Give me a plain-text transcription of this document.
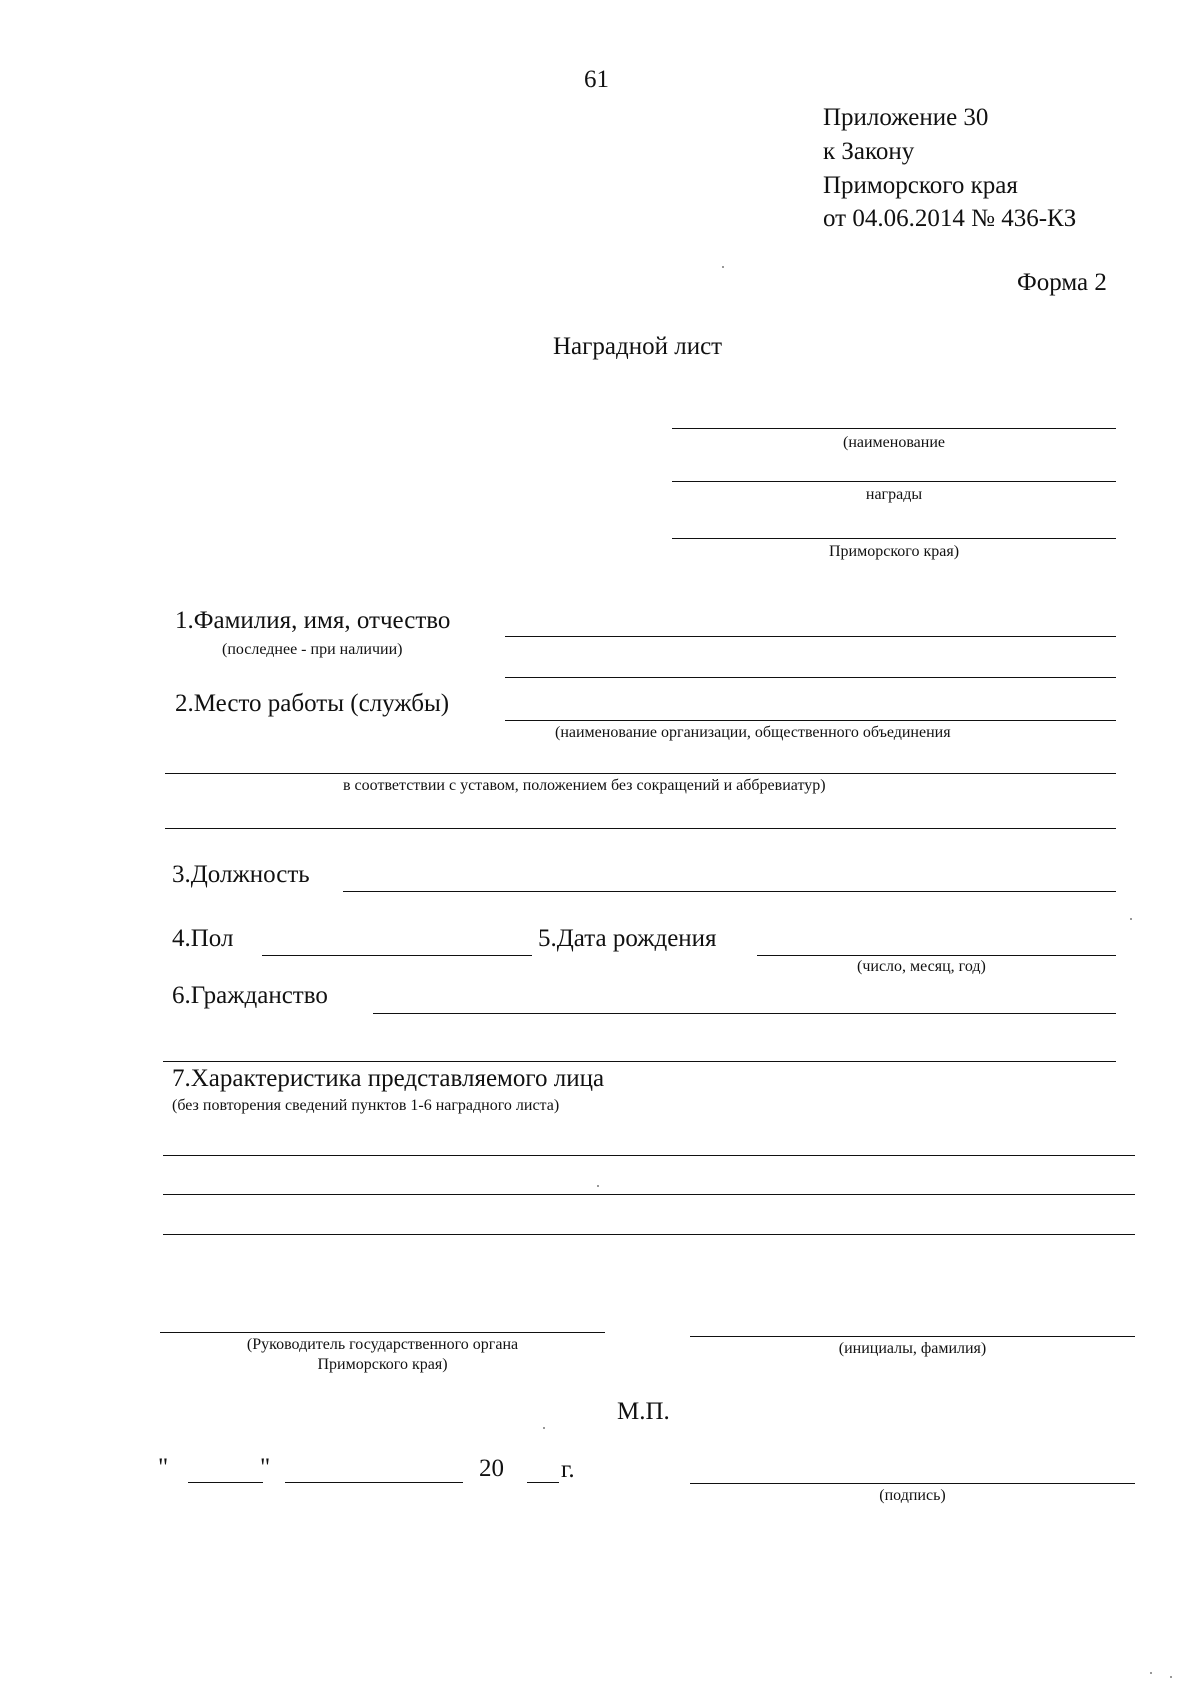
61
Приложение 30
к Закону
Приморского края
от 04.06.2014 № 436-КЗ
Форма 2
Наградной лист
(наименование
награды
Приморского края)
1.Фамилия, имя, отчество
(последнее - при наличии)
2.Место работы (службы)
(наименование организации, общественного объединения
в соответствии с уставом, положением без сокращений и аббревиатур)
3.Должность
4.Пол	5.Дата рождения
(число, месяц, год)
6.Гражданство
7.Характеристика представляемого лица
(без повторения сведений пунктов 1-6 наградного листа)
(Руководитель государственного органа
Приморского края)
(инициалы, фамилия)
М.П.
"	"	20 г.
(подпись)
